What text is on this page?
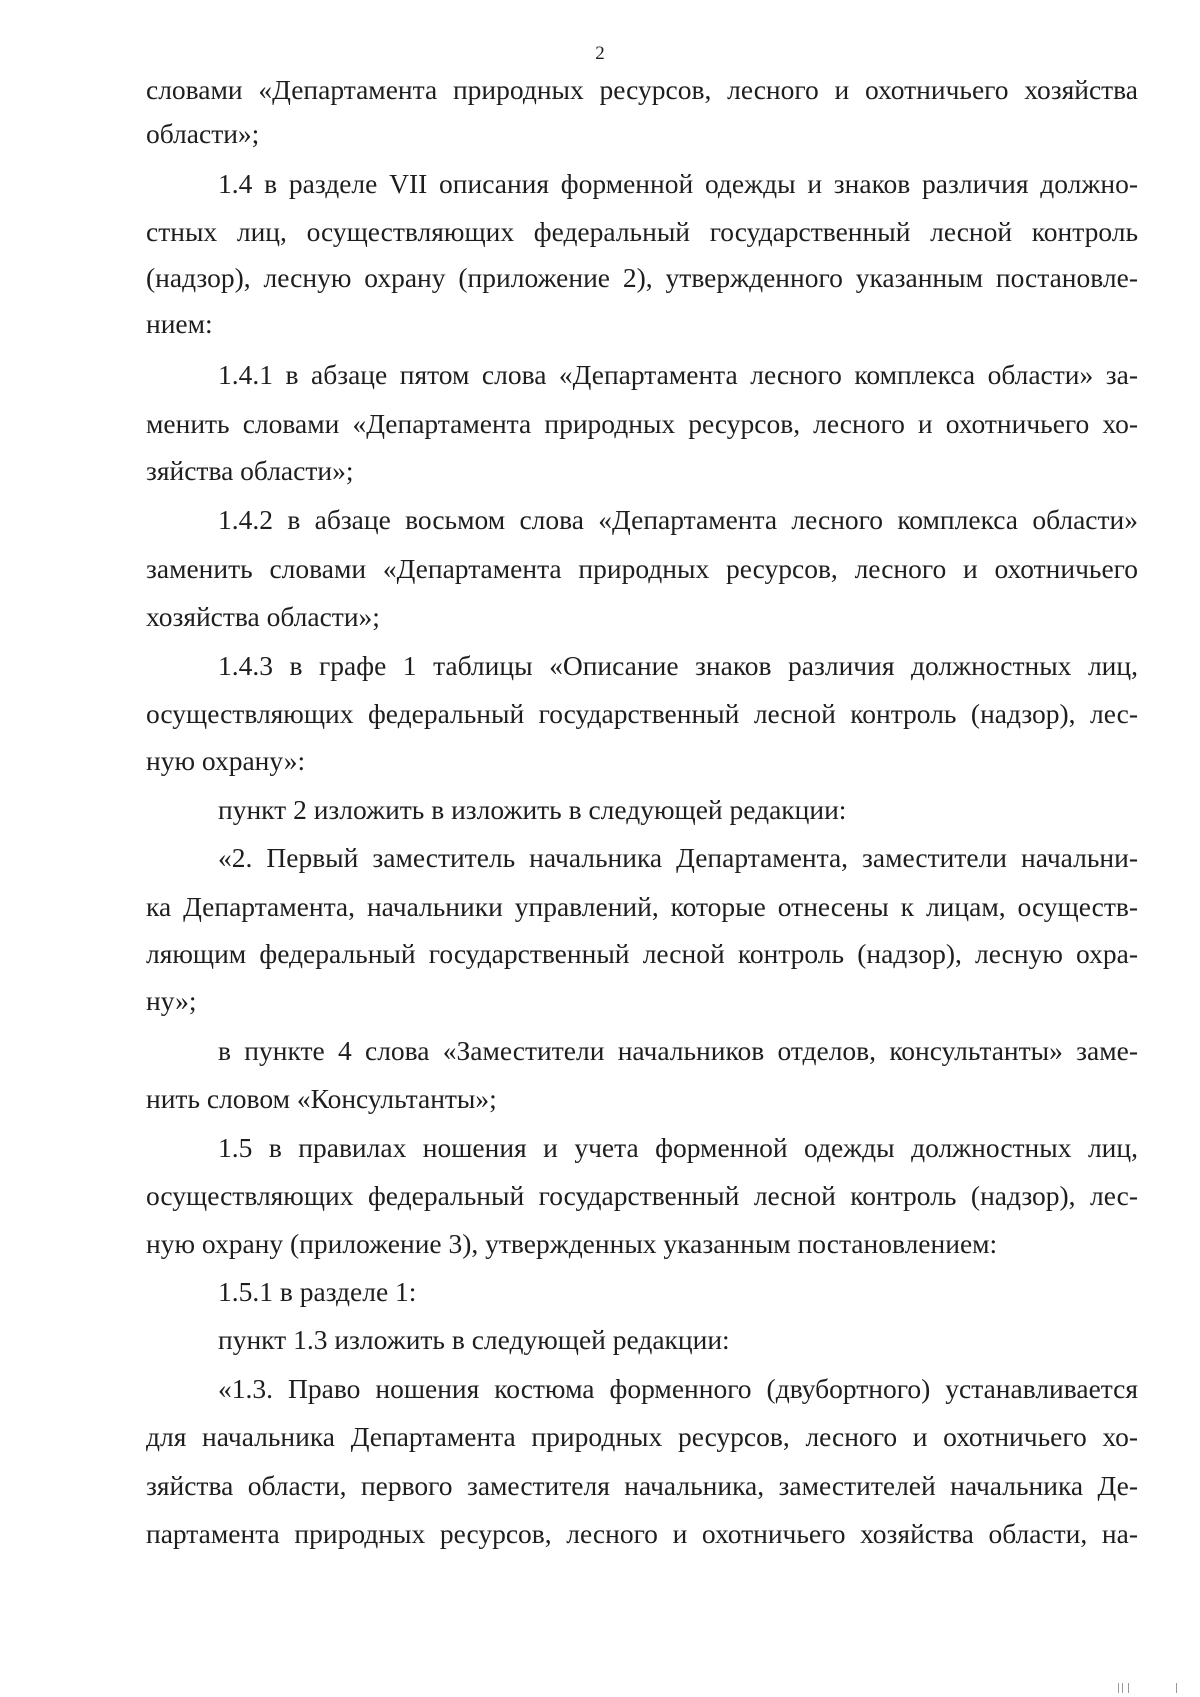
2
словами «Департамента природных ресурсов, лесного и охотничьего хозяйства
области»;
1.4 в разделе VII описания форменной одежды и знаков различия должно-
стных лиц, осуществляющих федеральный государственный лесной контроль
(надзор), лесную охрану (приложение 2), утвержденного указанным постановле-
нием:
1.4.1 в абзаце пятом слова «Департамента лесного комплекса области» за-
менить словами «Департамента природных ресурсов, лесного и охотничьего хо-
зяйства области»;
1.4.2 в абзаце восьмом слова «Департамента лесного комплекса области»
заменить словами «Департамента природных ресурсов, лесного и охотничьего
хозяйства области»;
1.4.3 в графе 1 таблицы «Описание знаков различия должностных лиц,
осуществляющих федеральный государственный лесной контроль (надзор), лес-
ную охрану»:
пункт 2 изложить в изложить в следующей редакции:
«2. Первый заместитель начальника Департамента, заместители начальни-
ка Департамента, начальники управлений, которые отнесены к лицам, осуществ-
ляющим федеральный государственный лесной контроль (надзор), лесную охра-
ну»;
в пункте 4 слова «Заместители начальников отделов, консультанты» заме-
нить словом «Консультанты»;
1.5 в правилах ношения и учета форменной одежды должностных лиц,
осуществляющих федеральный государственный лесной контроль (надзор), лес-
ную охрану (приложение 3), утвержденных указанным постановлением:
1.5.1 в разделе 1:
пункт 1.3 изложить в следующей редакции:
«1.3. Право ношения костюма форменного (двубортного) устанавливается
для начальника Департамента природных ресурсов, лесного и охотничьего хо-
зяйства области, первого заместителя начальника, заместителей начальника Де-
партамента природных ресурсов, лесного и охотничьего хозяйства области, на-
